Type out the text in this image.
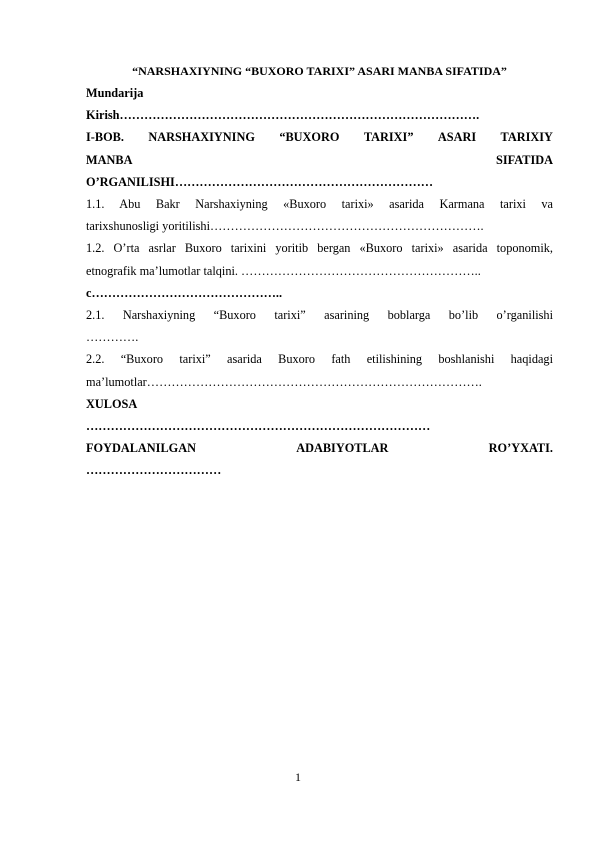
“NARSHAXIYNING “BUXORO TARIXI” ASARI MANBA SIFATIDA”
Mundarija
Kirish…………………………………………………………………………….
I-BOB. NARSHAXIYNING “BUXORO TARIXI” ASARI TARIXIY
MANBA	SIFATIDA
O’RGANILISHI………………………………………………………
1.1. Abu Bakr Narshaxiyning «Buxoro tarixi» asarida Karmana tarixi va
tarixshunosligi yoritilishi………………………………………………………….
1.2. O’rta asrlar Buxoro tarixini yoritib bergan «Buxoro tarixi» asarida toponomik,
etnografik ma’lumotlar talqini. …………………………………………………..
c………………………………………..
2.1. Narshaxiyning “Buxoro tarixi” asarining boblarga bo’lib o’rganilishi
………….
2.2. “Buxoro tarixi” asarida Buxoro fath etilishining boshlanishi haqidagi
ma’lumotlar……………………………………………………………………….
XULOSA
…………………………………………………………………………
FOYDALANILGAN	ADABIYOTLAR	RO’YXATI.
……………………………
1
